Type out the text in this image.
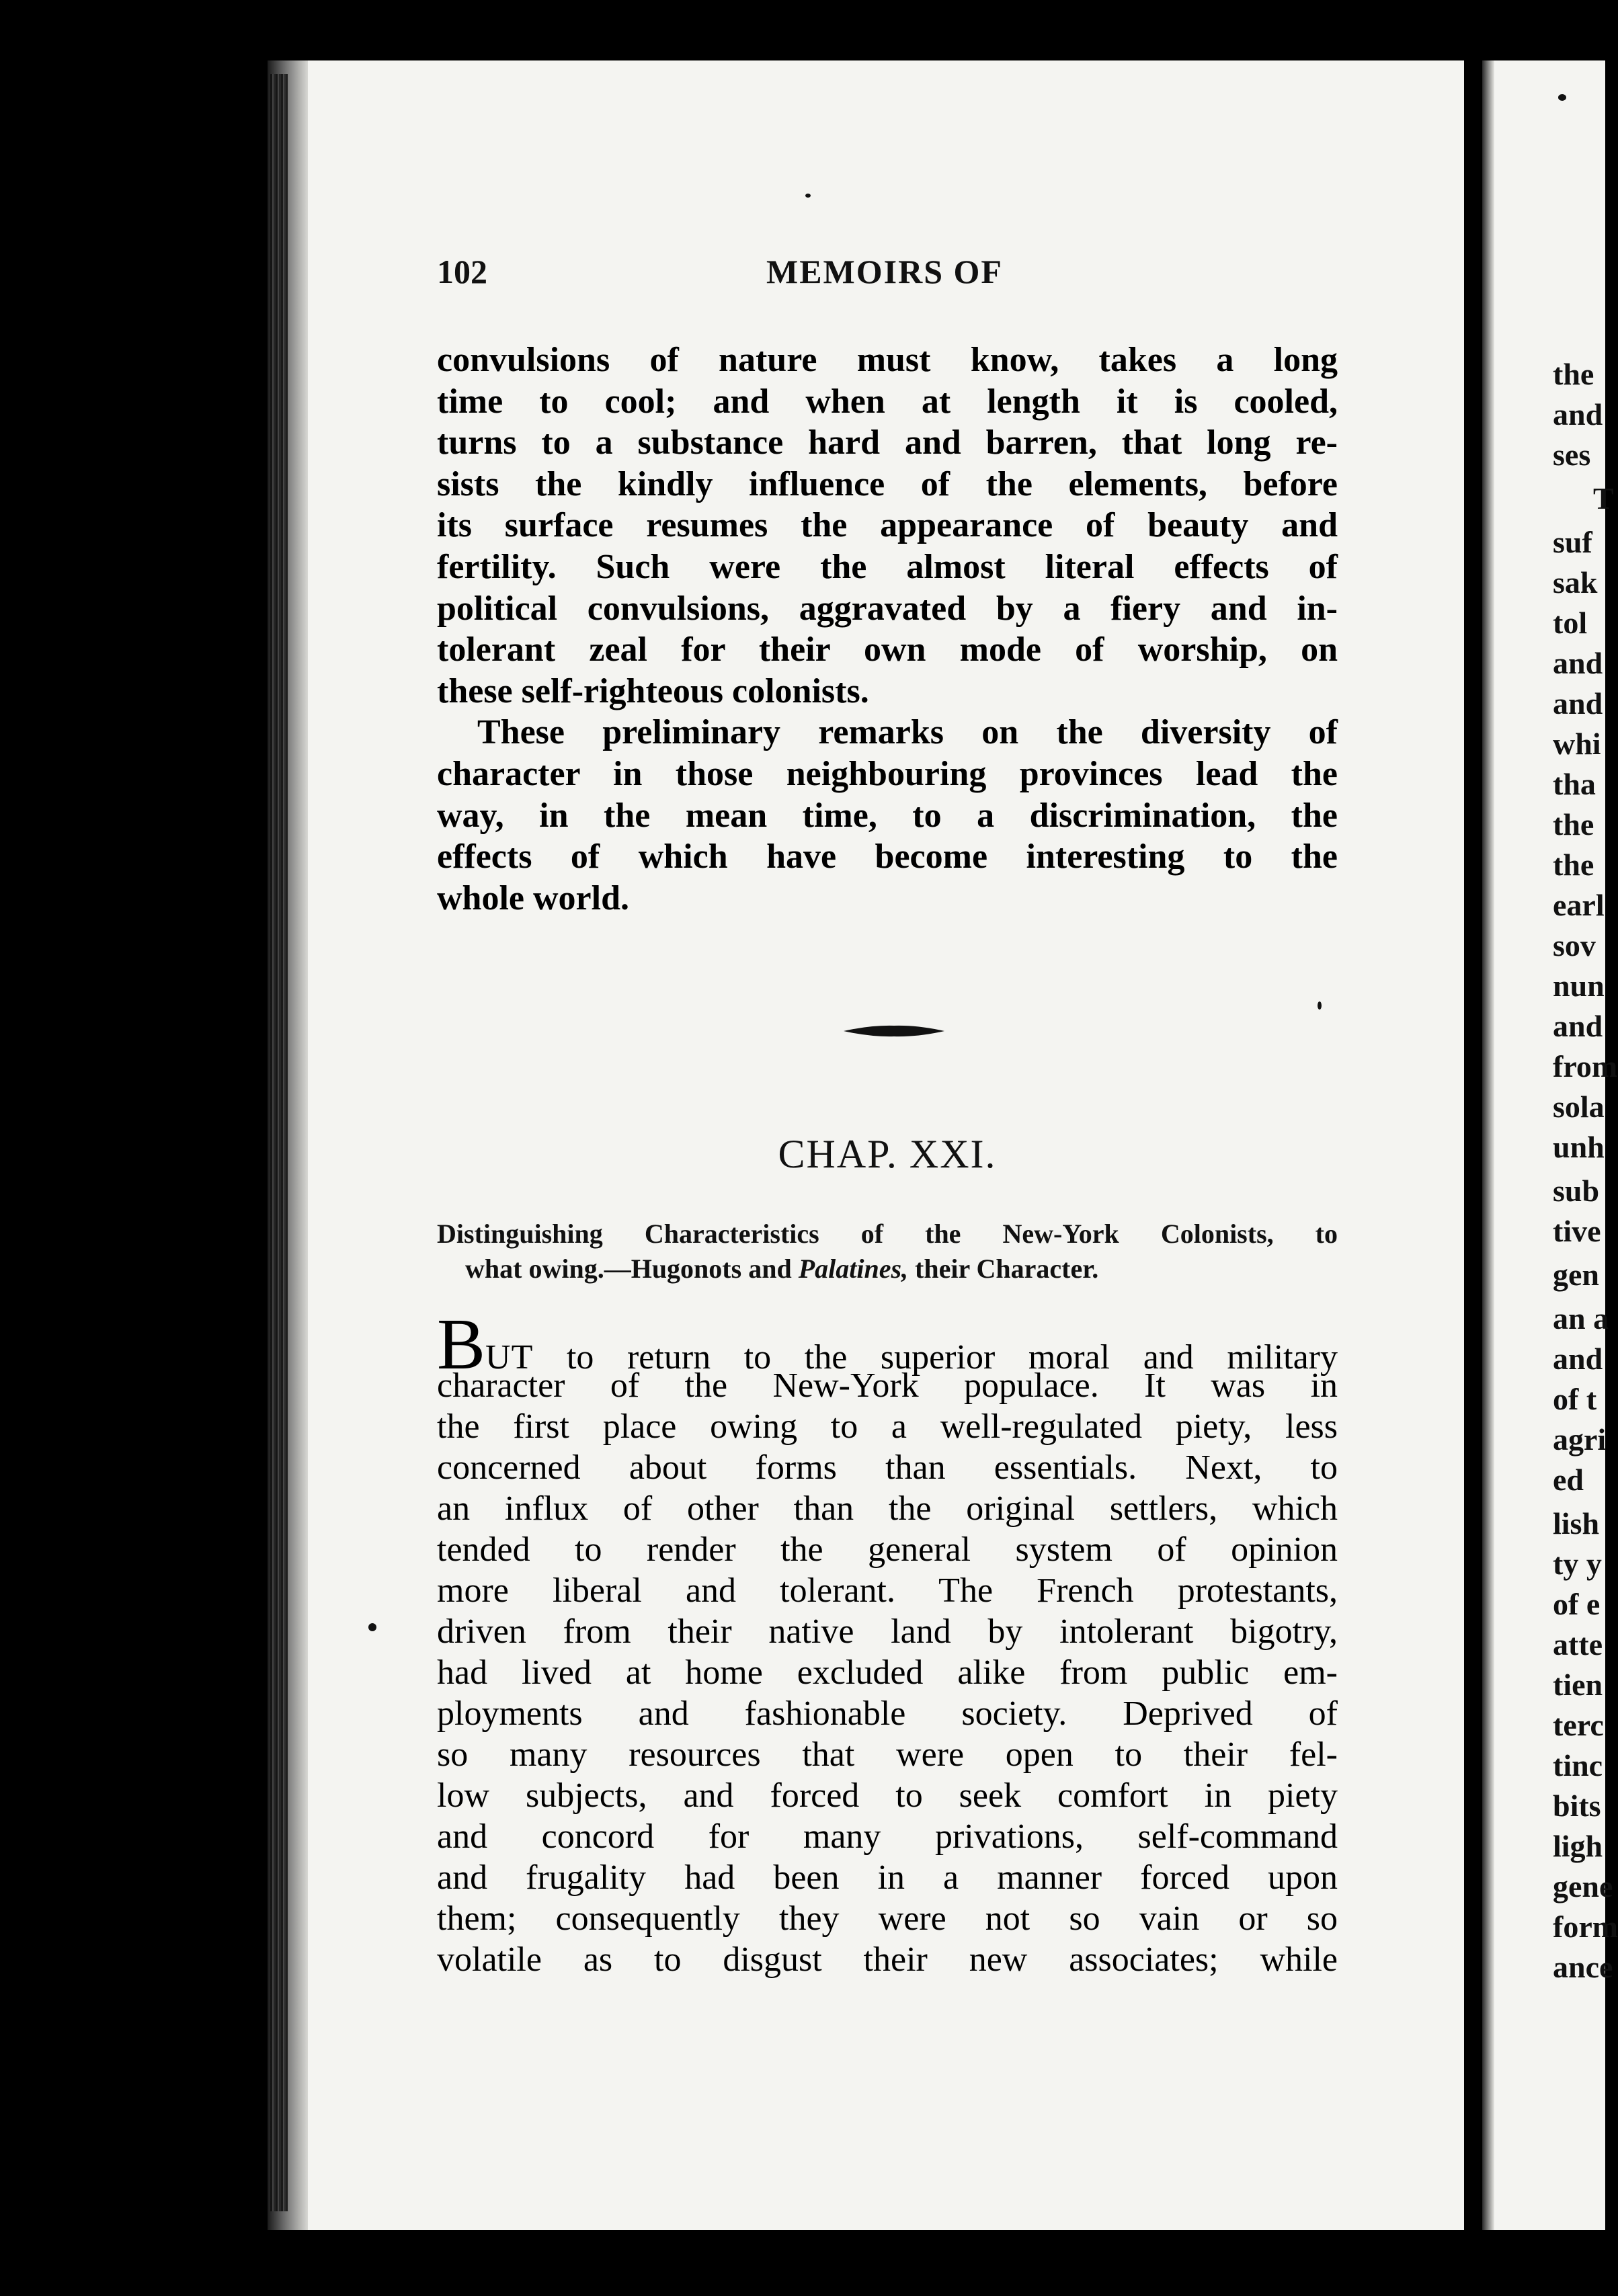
102	MEMOIRS OF
convulsions of nature must know, takes a long
time to cool; and when at length it is cooled,
turns to a substance hard and barren, that long re-
sists the kindly influence of the elements, before
its surface resumes the appearance of beauty and
fertility. Such were the almost literal effects of
political convulsions, aggravated by a fiery and in-
tolerant zeal for their own mode of worship, on
these self-righteous colonists.
These preliminary remarks on the diversity of
character in those neighbouring provinces lead the
way, in the mean time, to a discrimination, the
effects of which have become interesting to the
whole world.
CHAP. XXI.
Distinguishing Characteristics of the New-York Colonists, to
what owing.—Hugonots and Palatines, their Character.
BUT to return to the superior moral and military
character of the New-York populace. It was in
the first place owing to a well-regulated piety, less
concerned about forms than essentials. Next, to
an influx of other than the original settlers, which
tended to render the general system of opinion
more liberal and tolerant. The French protestants,
driven from their native land by intolerant bigotry,
had lived at home excluded alike from public em-
ployments and fashionable society. Deprived of
so many resources that were open to their fel-
low subjects, and forced to seek comfort in piety
and concord for many privations, self-command
and frugality had been in a manner forced upon
them; consequently they were not so vain or so
volatile as to disgust their new associates; while
the
and
ses
T
suf
sak
tol
and
and
whi
tha
the
the
earl
sov
nun
and
from
sola
unh
sub
tive
gen
an a
and
of t
agri
ed
lish
ty y
of e
atte
tien
terc
tinc
bits
ligh
gene
form
ance
